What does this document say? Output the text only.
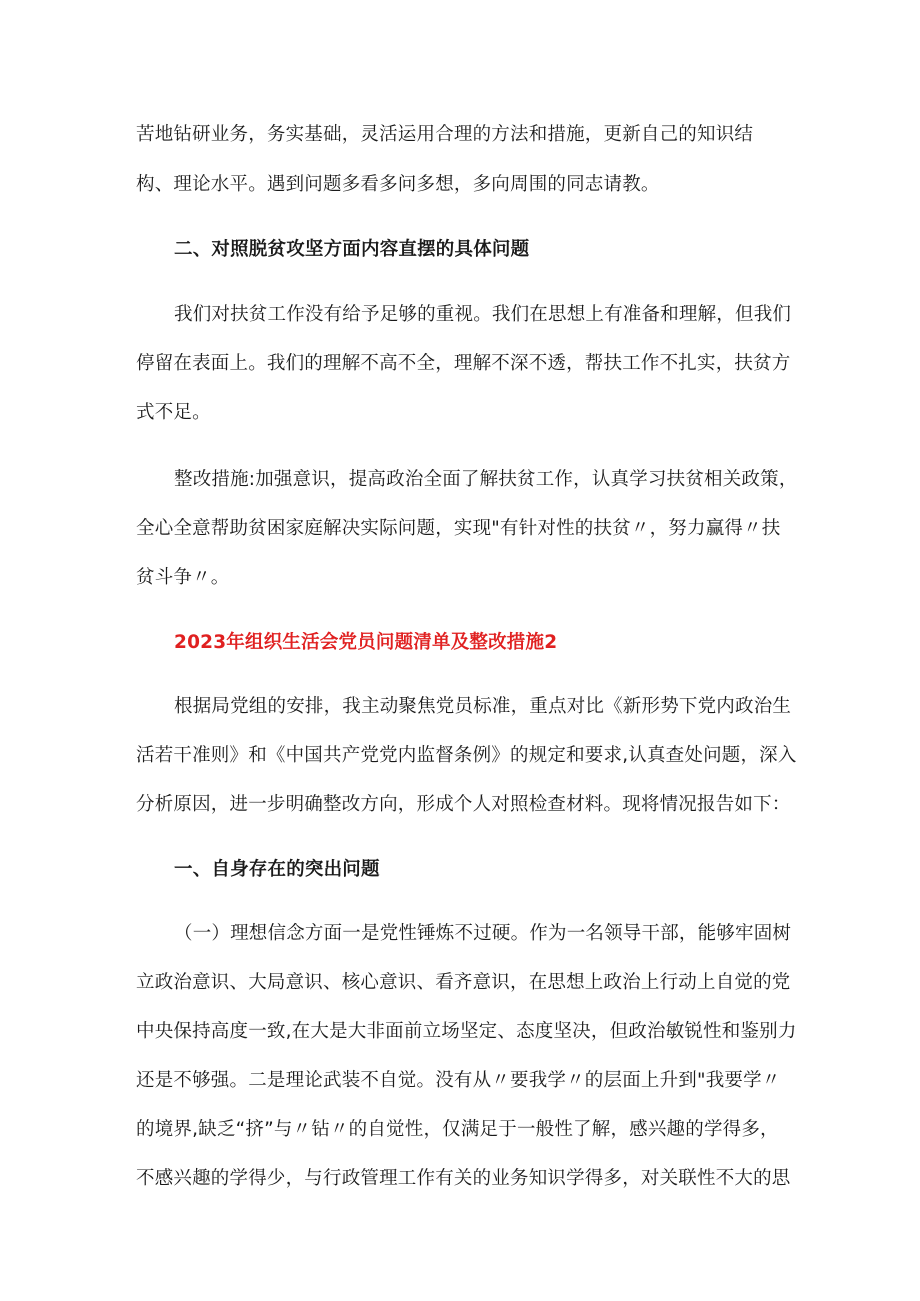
苦地钻研业务，务实基础，灵活运用合理的方法和措施，更新自己的知识结
构、理论水平。遇到问题多看多问多想，多向周围的同志请教。
二、对照脱贫攻坚方面内容直摆的具体问题
我们对扶贫工作没有给予足够的重视。我们在思想上有准备和理解，但我们
停留在表面上。我们的理解不高不全，理解不深不透，帮扶工作不扎实，扶贫方
式不足。
整改措施:加强意识，提高政治全面了解扶贫工作，认真学习扶贫相关政策，
全心全意帮助贫困家庭解决实际问题，实现"有针对性的扶贫〃，努力赢得〃扶
贫斗争〃。
2023年组织生活会党员问题清单及整改措施2
根据局党组的安排，我主动聚焦党员标准，重点对比《新形势下党内政治生
活若干准则》和《中国共产党党内监督条例》的规定和要求,认真查处问题，深入
分析原因，进一步明确整改方向，形成个人对照检查材料。现将情况报告如下：
一、自身存在的突出问题
（一）理想信念方面一是党性锤炼不过硬。作为一名领导干部，能够牢固树
立政治意识、大局意识、核心意识、看齐意识，在思想上政治上行动上自觉的党
中央保持高度一致,在大是大非面前立场坚定、态度坚决，但政治敏锐性和鉴别力
还是不够强。二是理论武装不自觉。没有从〃要我学〃的层面上升到"我要学〃
的境界,缺乏“挤”与〃钻〃的自觉性，仅满足于一般性了解，感兴趣的学得多，
不感兴趣的学得少，与行政管理工作有关的业务知识学得多，对关联性不大的思
